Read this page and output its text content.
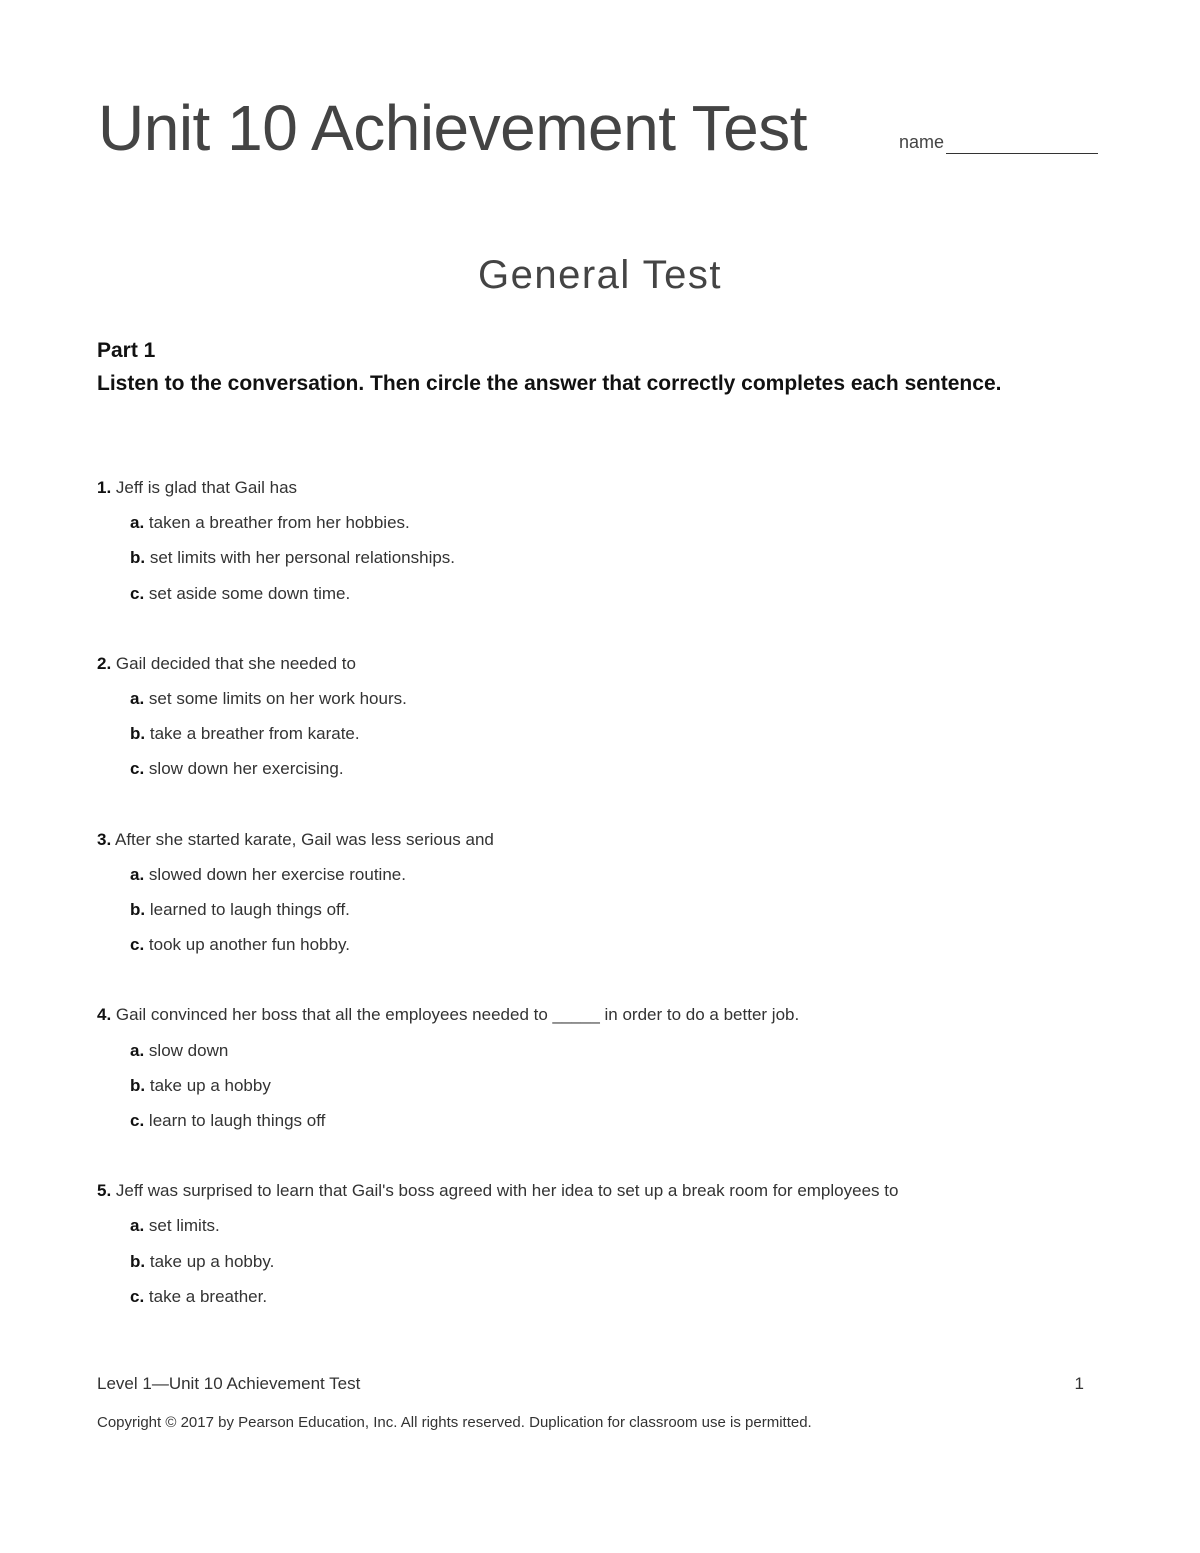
Unit 10 Achievement Test	name
General Test
Part 1

Listen to the conversation. Then circle the answer that correctly completes each sentence.

1. Jeff is glad that Gail has
a. taken a breather from her hobbies.
b. set limits with her personal relationships.
c. set aside some down time.
2. Gail decided that she needed to
a. set some limits on her work hours.
b. take a breather from karate.
c. slow down her exercising.
3. After she started karate, Gail was less serious and
a. slowed down her exercise routine.
b. learned to laugh things off.
c. took up another fun hobby.
4. Gail convinced her boss that all the employees needed to _____ in order to do a better job.
a. slow down
b. take up a hobby
c. learn to laugh things off
5. Jeff was surprised to learn that Gail's boss agreed with her idea to set up a break room for employees to
a. set limits.
b. take up a hobby.
c. take a breather.
Level 1—Unit 10 Achievement Test	1
Copyright © 2017 by Pearson Education, Inc. All rights reserved. Duplication for classroom use is permitted.
